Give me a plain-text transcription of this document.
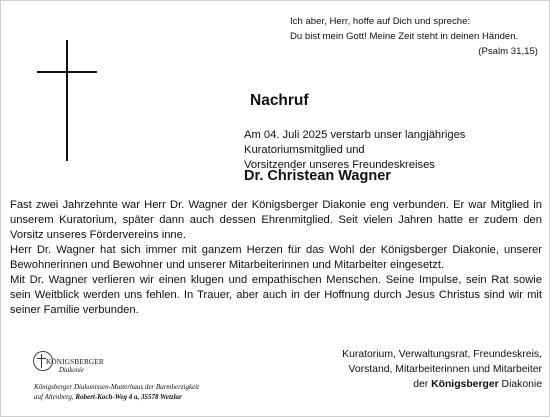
Ich aber, Herr, hoffe auf Dich und spreche:
Du bist mein Gott! Meine Zeit steht in deinen Händen.
(Psalm 31,15)
Nachruf
Am 04. Juli 2025 verstarb unser langjähriges Kuratoriumsmitglied und
Vorsitzender unseres Freundeskreises
Dr. Christean Wagner

Fast zwei Jahrzehnte war Herr Dr. Wagner der Königsberger Diakonie eng verbunden. Er war Mitglied in unserem Kuratorium, später dann auch dessen Ehrenmitglied. Seit vielen Jahren hatte er zudem den Vorsitz unseres Fördervereins inne.

Herr Dr. Wagner hat sich immer mit ganzem Herzen für das Wohl der Königsberger Diakonie, unserer Bewohnerinnen und Bewohner und unserer Mitarbeiterinnen und Mitarbeiter eingesetzt.

Mit Dr. Wagner verlieren wir einen klugen und empathischen Menschen. Seine Impulse, sein Rat sowie sein Weitblick werden uns fehlen. In Trauer, aber auch in der Hoffnung durch Jesus Christus sind wir mit seiner Familie verbunden.

KÖNIGSBERGER
Diakonie
Königsberger Diakonissen-Mutterhaus der Barmherzigkeit
auf Altenberg, Robert-Koch-Weg 4 a, 35578 Wetzlar
Kuratorium, Verwaltungsrat, Freundeskreis,
Vorstand, Mitarbeiterinnen und Mitarbeiter
der Königsberger Diakonie
